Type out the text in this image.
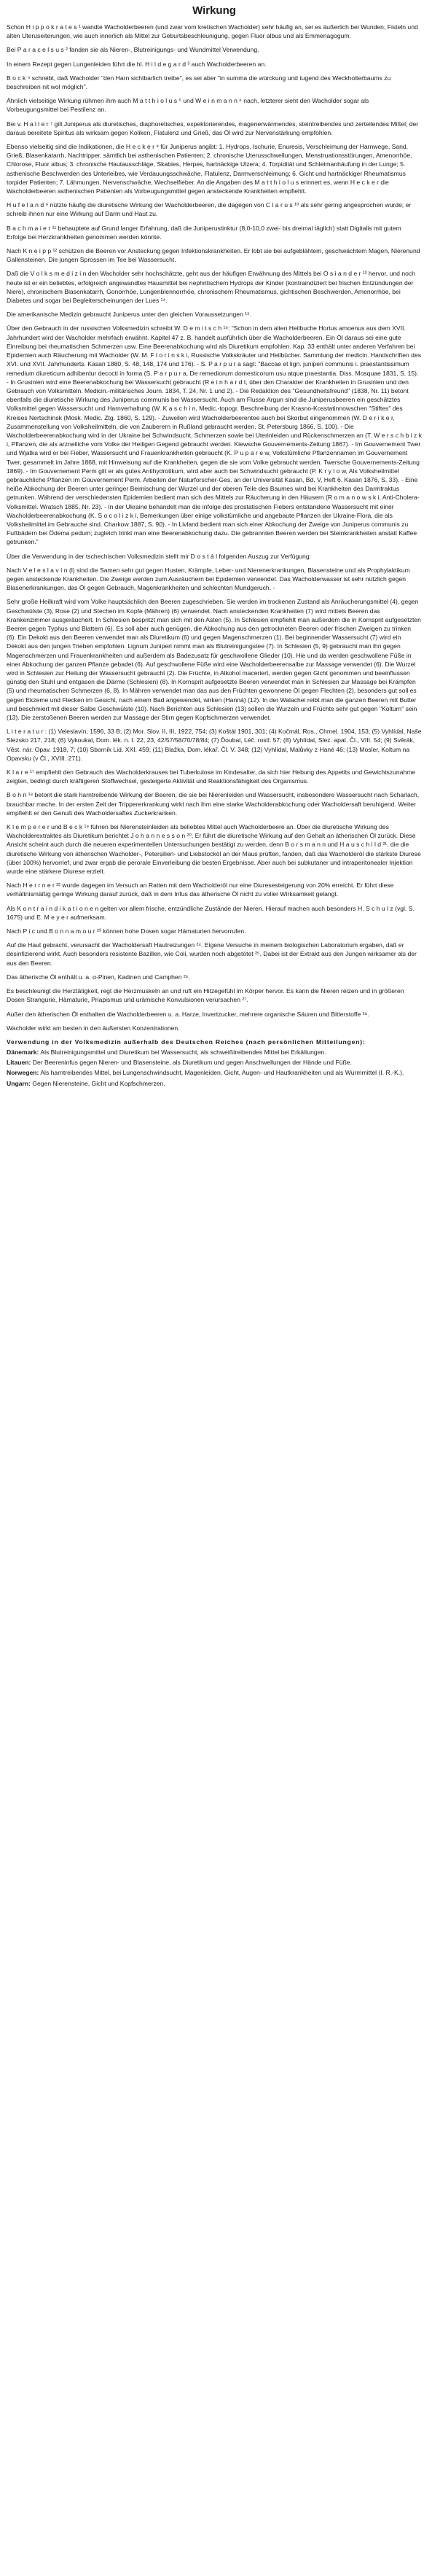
Wirkung

Schon H i p p o k r a t e s ¹ wandte Wacholderbeeren (und zwar vom kretischen Wacholder) sehr häufig an, sei es äußerlich bei Wunden, Fisteln und alten Uteruseiterungen, wie auch innerlich als Mittel zur Geburtsbeschleunigung, gegen Fluor albus und als Emmenagogum.

Bei P a r a c e l s u s ² fanden sie als Nieren-, Blutreinigungs- und Wundmittel Verwendung.

In einem Rezept gegen Lungenleiden führt die hl. H i l d e g a r d ³ auch Wacholderbeeren an.

B o c k ⁴ schreibt, daß Wacholder "den Harn sichtbarlich treibe", es sei aber "in summa die würckung und tugend des Weckholterbaums zu beschreiben nit wol möglich".

Ähnlich vielseitige Wirkung rühmen ihm auch M a t t h i o l u s ⁵ und W e i n m a n n ⁶ nach, letzterer sieht den Wacholder sogar als Vorbeugungsmittel bei Pestilenz an.

Bei v. H a l l e r ⁷ gilt Juniperus als diuretisches, diaphoretisches, expektorierendes, magenerwärmendes, steintreibendes und zerteilendes Mittel; der daraus bereitete Spiritus als wirksam gegen Koliken, Flatulenz und Grieß, das Öl wird zur Nervenstärkung empfohlen.

Ebenso vielseitig sind die Indikationen, die H e c k e r ⁸ für Juniperus angibt: 1. Hydrops, Ischurie, Enuresis, Verschleimung der Harnwege, Sand, Grieß, Blasenkatarrh, Nachtripper, sämtlich bei asthenischen Patienten; 2. chronische Uterusschwellungen, Menstruationsstörungen, Amenorrhöe, Chlorose, Fluor albus; 3. chronische Hautausschläge, Skabies, Herpes, hartnäckige Ulzera; 4. Torpidität und Schleimanhäufung in der Lunge; 5. asthenische Beschwerden des Unterleibes, wie Verdauungsschwäche, Flatulenz, Darmverschleimung; 6. Gicht und hartnäckiger Rheumatismus torpider Patienten; 7. Lähmungen, Nervenschwäche, Wechselfieber. An die Angaben des M a t t h i o l u s erinnert es, wenn H e c k e r die Wacholderbeeren asthenischen Patienten als Vorbeugungsmittel gegen ansteckende Krankheiten empfiehlt.

H u f e l a n d ⁹ nützte häufig die diuretische Wirkung der Wacholderbeeren, die dagegen von C l a r u s ¹⁰ als sehr gering angesprochen wurde; er schreib ihnen nur eine Wirkung auf Darm und Haut zu.

B a c h m a i e r ¹¹ behauptete auf Grund langer Erfahrung, daß die Juniperustinktur (8,0-10,0 zwei- bis dreimal täglich) statt Digitalis mit gutem Erfolge bei Herzkrankheiten genommen werden könnte.

Nach K n e i p p ¹² schützen die Beeren vor Ansteckung gegen Infektionskrankheiten. Er lobt sie bei aufgeblähtem, geschwächtem Magen, Nierenund Gallensteinen. Die jungen Sprossen im Tee bei Wassersucht.

Daß die V o l k s m e d i z i n den Wacholder sehr hochschätzte, geht aus der häufigen Erwähnung des Mittels bei O s i a n d e r ¹³ hervor, und noch heute ist er ein beliebtes, erfolgreich angewandtes Hausmittel bei nephritischem Hydrops der Kinder (kontraindiziert bei frischen Entzündungen der Niere), chronischem Blasenkatarrh, Gonorrhöe, Lungenblennorrhöe, chronischem Rheumatismus, gichtischen Beschwerden, Amenorrhöe, bei Diabetes und sogar bei Begleiterscheinungen der Lues ¹⁴.

Die amerikanische Medizin gebraucht Juniperus unter den gleichen Voraussetzungen ¹⁵.

Über den Gebrauch in der russischen Volksmedizin schreibt W. D e m i t s c h ¹⁶: "Schon in dem alten Heilbuche Hortus amoenus aus dem XVII. Jahrhundert wird der Wacholder mehrfach erwähnt. Kapitel 47 z. B. handelt ausführlich über die Wacholderbeeren. Ein Öl daraus sei eine gute Einreibung bei rheumatischen Schmerzen usw. Eine Beerenabkochung wird als Diuretikum empfohlen. Kap. 33 enthält unter anderen Verfahren bei Epidemien auch Räucherung mit Wacholder (W. M. F l o r i n s k i, Russische Volkskräuter und Heilbücher. Sammlung der medicin. Handschriften des XVI. und XVII. Jahrhunderts. Kasan 1880, S. 48, 148, 174 und 176). - S. P a r p u r a sagt: "Baccae et lign. juniperi communis i. praestantissimum remedium diureticum adhibentur decocti in forma (S. P a r p u r a, De remediorum domesticorum usu atque praestantia. Diss. Mosquae 1831, S. 15). - In Grusinien wird eine Beerenabkochung bei Wassersucht gebraucht (R e i n h a r d t, über den Charakter der Krankheiten in Grusinien und den Gebrauch von Volksmitteln. Medicin.-militärisches Journ. 1834, T. 24, Nr. 1 und 2). - Die Redaktion des "Gesundheitsfreund" (1838, Nr. 11) betont ebenfalls die diuretische Wirkung des Juniperus communis bei Wassersucht. Auch am Flusse Argun sind die Juniperusbeeren ein geschätztes Volksmittel gegen Wassersucht und Harnverhaltung (W. K a s c h i n, Medic.-topogr. Beschreibung der Krasno-Kosstatinnowschen "Stiftes" des Kreises Nertschinsk (Mosk. Medic. Ztg. 1860, S. 129). - Zuweilen wird Wacholderbeerentee auch bei Skorbut eingenommen (W. D e r i k e r, Zusammenstellung von Volksheilmitteln, die von Zauberern in Rußland gebraucht werden. St. Petersburg 1866, S. 100). - Die Wacholderbeerenabkochung wird in der Ukraine bei Schwindsucht, Schmerzen sowie bei Uterinleiden und Rückenschmerzen an (T. W e r s c h b i z k i, Pflanzen, die als arzneiliche vom Volke der Heiligen Gegend gebraucht werden. Kiewsche Gouvernements-Zeitung 1867). - Im Gouvernement Twer und Wjatka wird er bei Fieber, Wassersucht und Frauenkrankheiten gebraucht (K. P u p a r e w, Volkstümliche Pflanzennamen im Gouvernement Twer, gesammelt im Jahre 1868, mit Hinweisung auf die Krankheiten, gegen die sie vom Volke gebraucht werden. Twersche Gouvernements-Zeitung 1869). - Im Gouvernement Perm gilt er als gutes Antihydrotikum, wird aber auch bei Schwindsucht gebraucht (P. K r y l o w, Als Volksheilmittel gebrauchliche Pflanzen im Gouvernement Perm. Arbeiten der Naturforscher-Ges. an der Universität Kasan, Bd. V, Heft 6. Kasan 1876, S. 33). - Eine heiße Abkochung der Beeren unter geringer Beimischung der Wurzel und der oberen Teile des Baumes wird bei Krankheiten des Darmtraktus getrunken. Während der verschiedensten Epidemien bedient man sich des Mittels zur Räucherung in den Häusern (R o m a n o w s k i, Anti-Cholera-Volksmittel. Wratsch 1885, Nr. 23). - In der Ukraine behandelt man die infolge des prostatischen Fiebers entstandene Wassersucht mit einer Wacholderbeerenabkochung (K. S o c o l i z k i, Bemerkungen über einige volkstümliche und angebaute Pflanzen der Ukraine-Flora, die als Volksheilmittel im Gebrauche sind. Charkow 1887, S. 90). - In Livland bedient man sich einer Abkochung der Zweige von Juniperus communis zu Fußbädern bei Ödema pedum; zugleich trinkt man eine Beerenabkochung dazu. Die gebrannten Beeren werden bei Steinkrankheiten anstatt Kaffee getrunken."

Über die Verwendung in der tschechischen Volksmedizin stellt mir D o s t á l folgenden Auszug zur Verfügung:

Nach V e l e s l a v í n (l) sind die Samen sehr gut gegen Husten, Krämpfe, Leber- und Nierenerkrankungen, Blasensteine und als Prophylaktikum gegen ansteckende Krankheiten. Die Zweige werden zum Ausräuchern bei Epidemien verwendet. Das Wacholderwasser ist sehr nützlich gegen Blasenerkrankungen, das Öl gegen Gebrauch, Magenkrankheiten und schlechten Mundgeruch. -

Sehr große Heilkraft wird vom Volke hauptsächlich den Beeren zugeschrieben. Sie werden im trockenen Zustand als Anräucherungsmittel (4), gegen Geschwülste (3), Rose (2) und Stechen im Kopfe (Mähren) (6) verwendet. Nach ansteckenden Krankheiten (7) wird mittels Beeren das Krankenzimmer ausgeräuchert. In Schlesien bespritzt man sich mit den Asten (5). In Schlesien empfiehlt man außerdem die in Kornsprit aufgesetzten Beeren gegen Typhus und Blattern (6). Es soll aber auch genügen, die Abkochung aus den getrockneten Beeren oder frischen Zweigen zu trinken (6). Ein Dekokt aus den Beeren verwendet man als Diuretikum (6) und gegen Magenschmerzen (1). Bei beginnender Wassersucht (7) wird ein Dekokt aus den jungen Trieben empfohlen. Lignum Juniperi nimmt man als Blutreinigungstee (7). In Schlesien (5, 9) gebraucht man ihn gegen Magenschmerzen und Frauenkrankheiten und außerdem als Badezusatz für geschwollene Glieder (10). Hie und da werden geschwollene Füße in einer Abkochung der ganzen Pflanze gebadet (6). Auf geschwollene Füße wird eine Wacholderbeerensalbe zur Massage verwendet (6). Die Wurzel wird in Schlesien zur Heilung der Wassersucht gebraucht (2). Die Früchte, in Alkohol maceriert, werden gegen Gicht genommen und beeinflussen günstig den Stuhl und entgasen die Därme (Schlesien) (8). In Kornsprit aufgesetzte Beeren verwendet man in Schlesien zur Massage bei Krämpfen (5) und rheumatischen Schmerzen (6, 8). In Mähren verwendet man das aus den Früchten gewonnene Öl gegen Flechten (2), besonders gut soll es gegen Ekzeme und Flecken im Gesicht, nach einem Bad angewendet, wirken (Hanná) (12). In der Walachei reibt man die ganzen Beeren mit Butter und beschmiert mit dieser Salbe Geschwülste (10). Nach Berichten aus Schlesien (13) sollen die Wurzeln und Früchte sehr gut gegen "Kolturn" sein (13). Die zerstoßenen Beeren werden zur Massage der Stirn gegen Kopfschmerzen verwendet.

L i t e r a t u r : (1) Veleslavín, 1596, 33 B; (2) Mor. Slov. II, III, 1922, 754; (3) Koštál 1901, 301; (4) Kočmál, Ros., Chmel. 1904, 153; (5) Vyhlídal, Naše Slezsko 217, 218; (6) Vykoukal, Dom. lék. n. I. 22, 23, 42/57/58/70/78/84; (7) Ďoubal, Léč. rostl. 57; (8) Vyhlídal, Slez. apat. Čl., VIII. 54; (9) Svěrák, Věst. nár. Opav. 1918, 7; (10) Sborník Lid. XXI. 459; (11) Blažka, Dom. lékař. Čl. V. 348; (12) Vyhlídal, Malůvky z Hané 46; (13) Mosler, Koltum na Opavsku (v Čl., XVIII. 271).

K l a r e ¹⁷ empfiehlt den Gebrauch des Wacholderkrauses bei Tuberkulose im Kindesalter, da sich hier Hebung des Appetits und Gewichtszunahme zeigten, bedingt durch kräftigeren Stoffwechsel, gesteigerte Aktivität und Reaktionsfähigkeit des Organismus.

B o h n ¹⁸ betont die stark harntreibende Wirkung der Beeren, die sie bei Nierenleiden und Wassersucht, insbesondere Wassersucht nach Scharlach, brauchbar mache. In der ersten Zeit der Trippererkrankung wirkt nach ihm eine starke Wacholderabkochung oder Wacholdersaft beruhigend. Weiter empfiehlt er den Genuß des Wacholdersaftes Zuckerkranken.

K l e m p e r e r und B e c k ¹⁹ führen bei Nierensteinleiden als beliebtes Mittel auch Wacholderbeere an. Über die diuretische Wirkung des Wacholderextraktes als Diuretikum berichtet J o h a n n e s s o n ²⁰. Er führt die diuretische Wirkung auf den Gehalt an ätherischen Öl zurück. Diese Ansicht scheint auch durch die neueren experimentellen Untersuchungen bestätigt zu werden, denn B o r s m a n n und H a u s c h i l d ²¹, die die diuretische Wirkung von ätherischen Wacholder-, Petersilien- und Liebstocköl an der Maus prüften, fanden, daß das Wacholderöl die stärkste Diurese (über 100%) hervorrief, und zwar ergab die perorale Einverleibung die besten Ergebnisse. Aber auch bei subkutaner und intraperitonealer Injektion wurde eine stärkere Diurese erzielt.

Nach H e r r n e r ²² wurde dagegen im Versuch an Ratten mit dem Wacholderöl nur eine Diuresesteigerung von 20% erreicht. Er führt diese verhältnismäßig geringe Wirkung darauf zurück, daß in dem Infus das ätherische Öl nicht zu voller Wirksamkeit gelangt.

Als K o n t r a i n d i k a t i o n e n gelten vor allem frische, entzündliche Zustände der Nieren. Hierauf machen auch besonders H. S c h u l z (vgl. S. 1675) und E. M e y e r aufmerksam.

Nach P i c und B o n n a m o u r ²³ können hohe Dosen sogar Hämaturien hervorrufen.

Auf die Haut gebracht, verursacht der Wacholdersaft Hautreizungen ²⁴. Eigene Versuche in meinem biologischen Laboratorium ergaben, daß er desinfizierend wirkt. Auch besonders resistente Bazillen, wie Coli, wurden noch abgetötet ²⁵. Dabei ist der Extrakt aus den Jungen wirksamer als der aus den Beeren.

Das ätherische Öl enthält u. a. α-Pinen, Kadinen und Camphen ²⁶.

Es beschleunigt die Herztätigkeit, regt die Herzmuskeln an und ruft ein Hitzegefühl im Körper hervor. Es kann die Nieren reizen und in größeren Dosen Strangurie, Hämaturie, Priapismus und urämische Konvulsionen verursachen ²⁷.

Außer den ätherischen Öl enthalten die Wacholderbeeren u. a. Harze, Invertzucker, mehrere organische Säuren und Bitterstoffe ²⁸.

Wacholder wirkt am besten in den äußersten Konzentrationen.

Verwendung in der Volksmedizin außerhalb des Deutschen Reiches (nach persönlichen Mitteilungen):
Dänemark: Als Blutreinigungsmittel und Diuretikum bei Wassersucht, als schweißtreibendes Mittel bei Erkältungen.
Litauen: Der Beereninfus gegen Nieren- und Blasensteine, als Diuretikum und gegen Anschwellungen der Hände und Füße.
Norwegen: Als harntreibendes Mittel, bei Lungenschwindsucht, Magenleiden, Gicht, Augen- und Hautkrankheiten und als Wurmmittel (I. R.-K.).
Ungarn: Gegen Nierensteine, Gicht und Kopfschmerzen.
